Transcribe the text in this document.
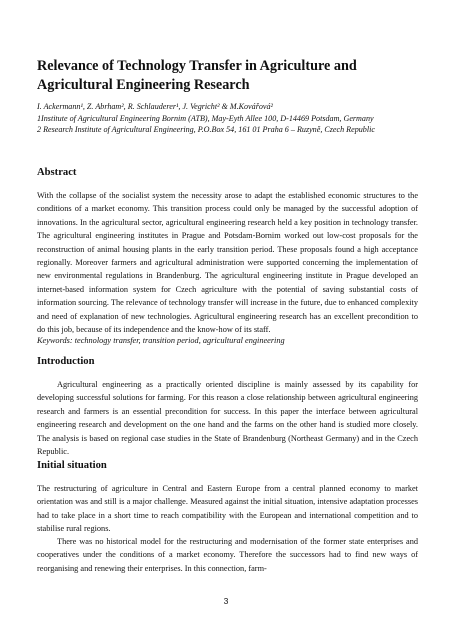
Relevance of Technology Transfer in Agriculture and Agricultural Engineering Research
I. Ackermann¹, Z. Abrham², R. Schlauderer¹, J. Vegricht² & M.Kovářová²
1Institute of Agricultural Engineering Bornim (ATB), May-Eyth Allee 100, D-14469 Potsdam, Germany
2 Research Institute of Agricultural Engineering, P.O.Box 54, 161 01 Praha 6 – Ruzyně, Czech Republic
Abstract

With the collapse of the socialist system the necessity arose to adapt the established economic structures to the conditions of a market economy. This transition process could only be managed by the successful adoption of innovations. In the agricultural sector, agricultural engineering research held a key position in technology transfer. The agricultural engineering institutes in Prague and Potsdam-Bornim worked out low-cost proposals for the reconstruction of animal housing plants in the early transition period. These proposals found a high acceptance regionally. Moreover farmers and agricultural administration were supported concerning the implementation of new environmental regulations in Brandenburg. The agricultural engineering institute in Prague developed an internet-based information system for Czech agriculture with the potential of saving substantial costs of information sourcing. The relevance of technology transfer will increase in the future, due to enhanced complexity and need of explanation of new technologies. Agricultural engineering research has an excellent precondition to do this job, because of its independence and the know-how of its staff.

Keywords: technology transfer, transition period, agricultural engineering

Introduction

Agricultural engineering as a practically oriented discipline is mainly assessed by its capability for developing successful solutions for farming. For this reason a close relationship between agricultural engineering research and farmers is an essential precondition for success. In this paper the interface between agricultural engineering research and development on the one hand and the farms on the other hand is studied more closely. The analysis is based on regional case studies in the State of Brandenburg (Northeast Germany) and in the Czech Republic.

Initial situation

The restructuring of agriculture in Central and Eastern Europe from a central planned economy to market orientation was and still is a major challenge. Measured against the initial situation, intensive adaptation processes had to take place in a short time to reach compatibility with the European and international competition and to stabilise rural regions.

There was no historical model for the restructuring and modernisation of the former state enterprises and cooperatives under the conditions of a market economy. Therefore the successors had to find new ways of reorganising and renewing their enterprises. In this connection, farm-

3
